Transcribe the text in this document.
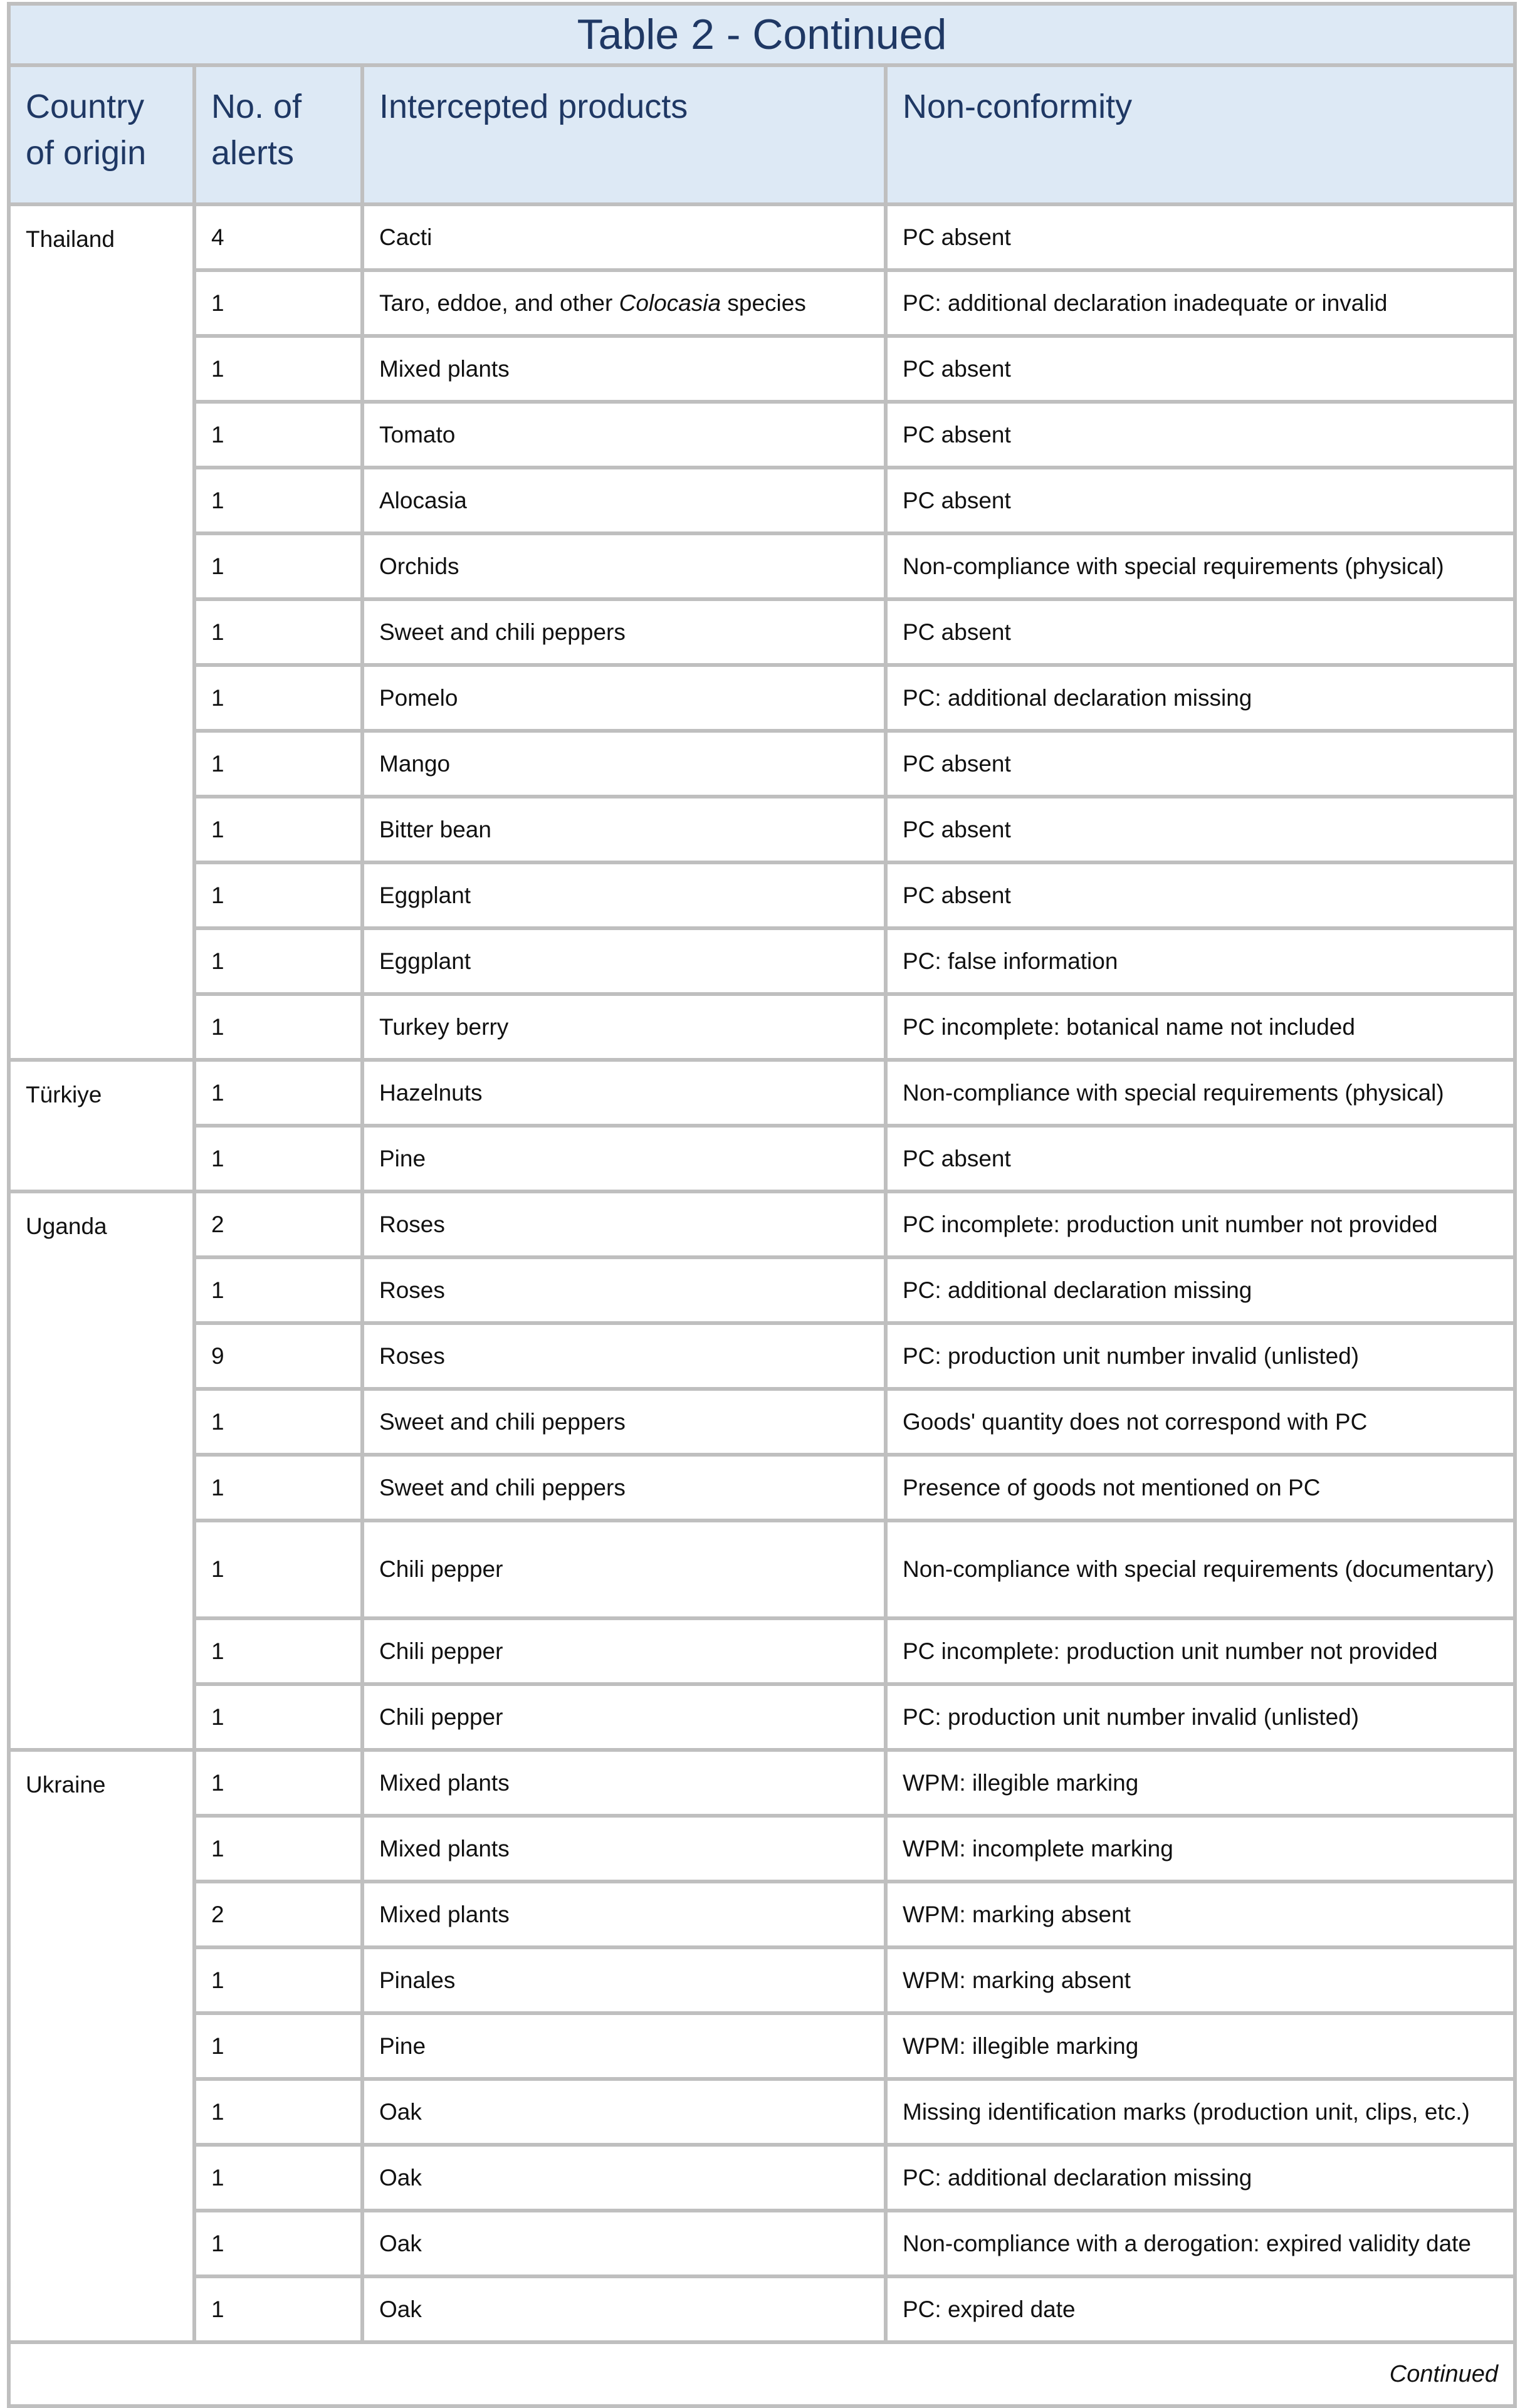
Table 2 - Continued			
Country of origin	No. of alerts	Intercepted products	Non-conformity
Thailand	4	Cacti	PC absent
	1	Taro, eddoe, and other Colocasia species	PC: additional declaration inadequate or invalid
	1	Mixed plants	PC absent
	1	Tomato	PC absent
	1	Alocasia	PC absent
	1	Orchids	Non-compliance with special requirements (physical)
	1	Sweet and chili peppers	PC absent
	1	Pomelo	PC: additional declaration missing
	1	Mango	PC absent
	1	Bitter bean	PC absent
	1	Eggplant	PC absent
	1	Eggplant	PC: false information
	1	Turkey berry	PC incomplete: botanical name not included
Türkiye	1	Hazelnuts	Non-compliance with special requirements (physical)
	1	Pine	PC absent
Uganda	2	Roses	PC incomplete: production unit number not provided
	1	Roses	PC: additional declaration missing
	9	Roses	PC: production unit number invalid (unlisted)
	1	Sweet and chili peppers	Goods' quantity does not correspond with PC
	1	Sweet and chili peppers	Presence of goods not mentioned on PC
	1	Chili pepper	Non-compliance with special requirements (documentary)
	1	Chili pepper	PC incomplete: production unit number not provided
	1	Chili pepper	PC: production unit number invalid (unlisted)
Ukraine	1	Mixed plants	WPM: illegible marking
	1	Mixed plants	WPM: incomplete marking
	2	Mixed plants	WPM: marking absent
	1	Pinales	WPM: marking absent
	1	Pine	WPM: illegible marking
	1	Oak	Missing identification marks (production unit, clips, etc.)
	1	Oak	PC: additional declaration missing
	1	Oak	Non-compliance with a derogation: expired validity date
	1	Oak	PC: expired date
Continued			
